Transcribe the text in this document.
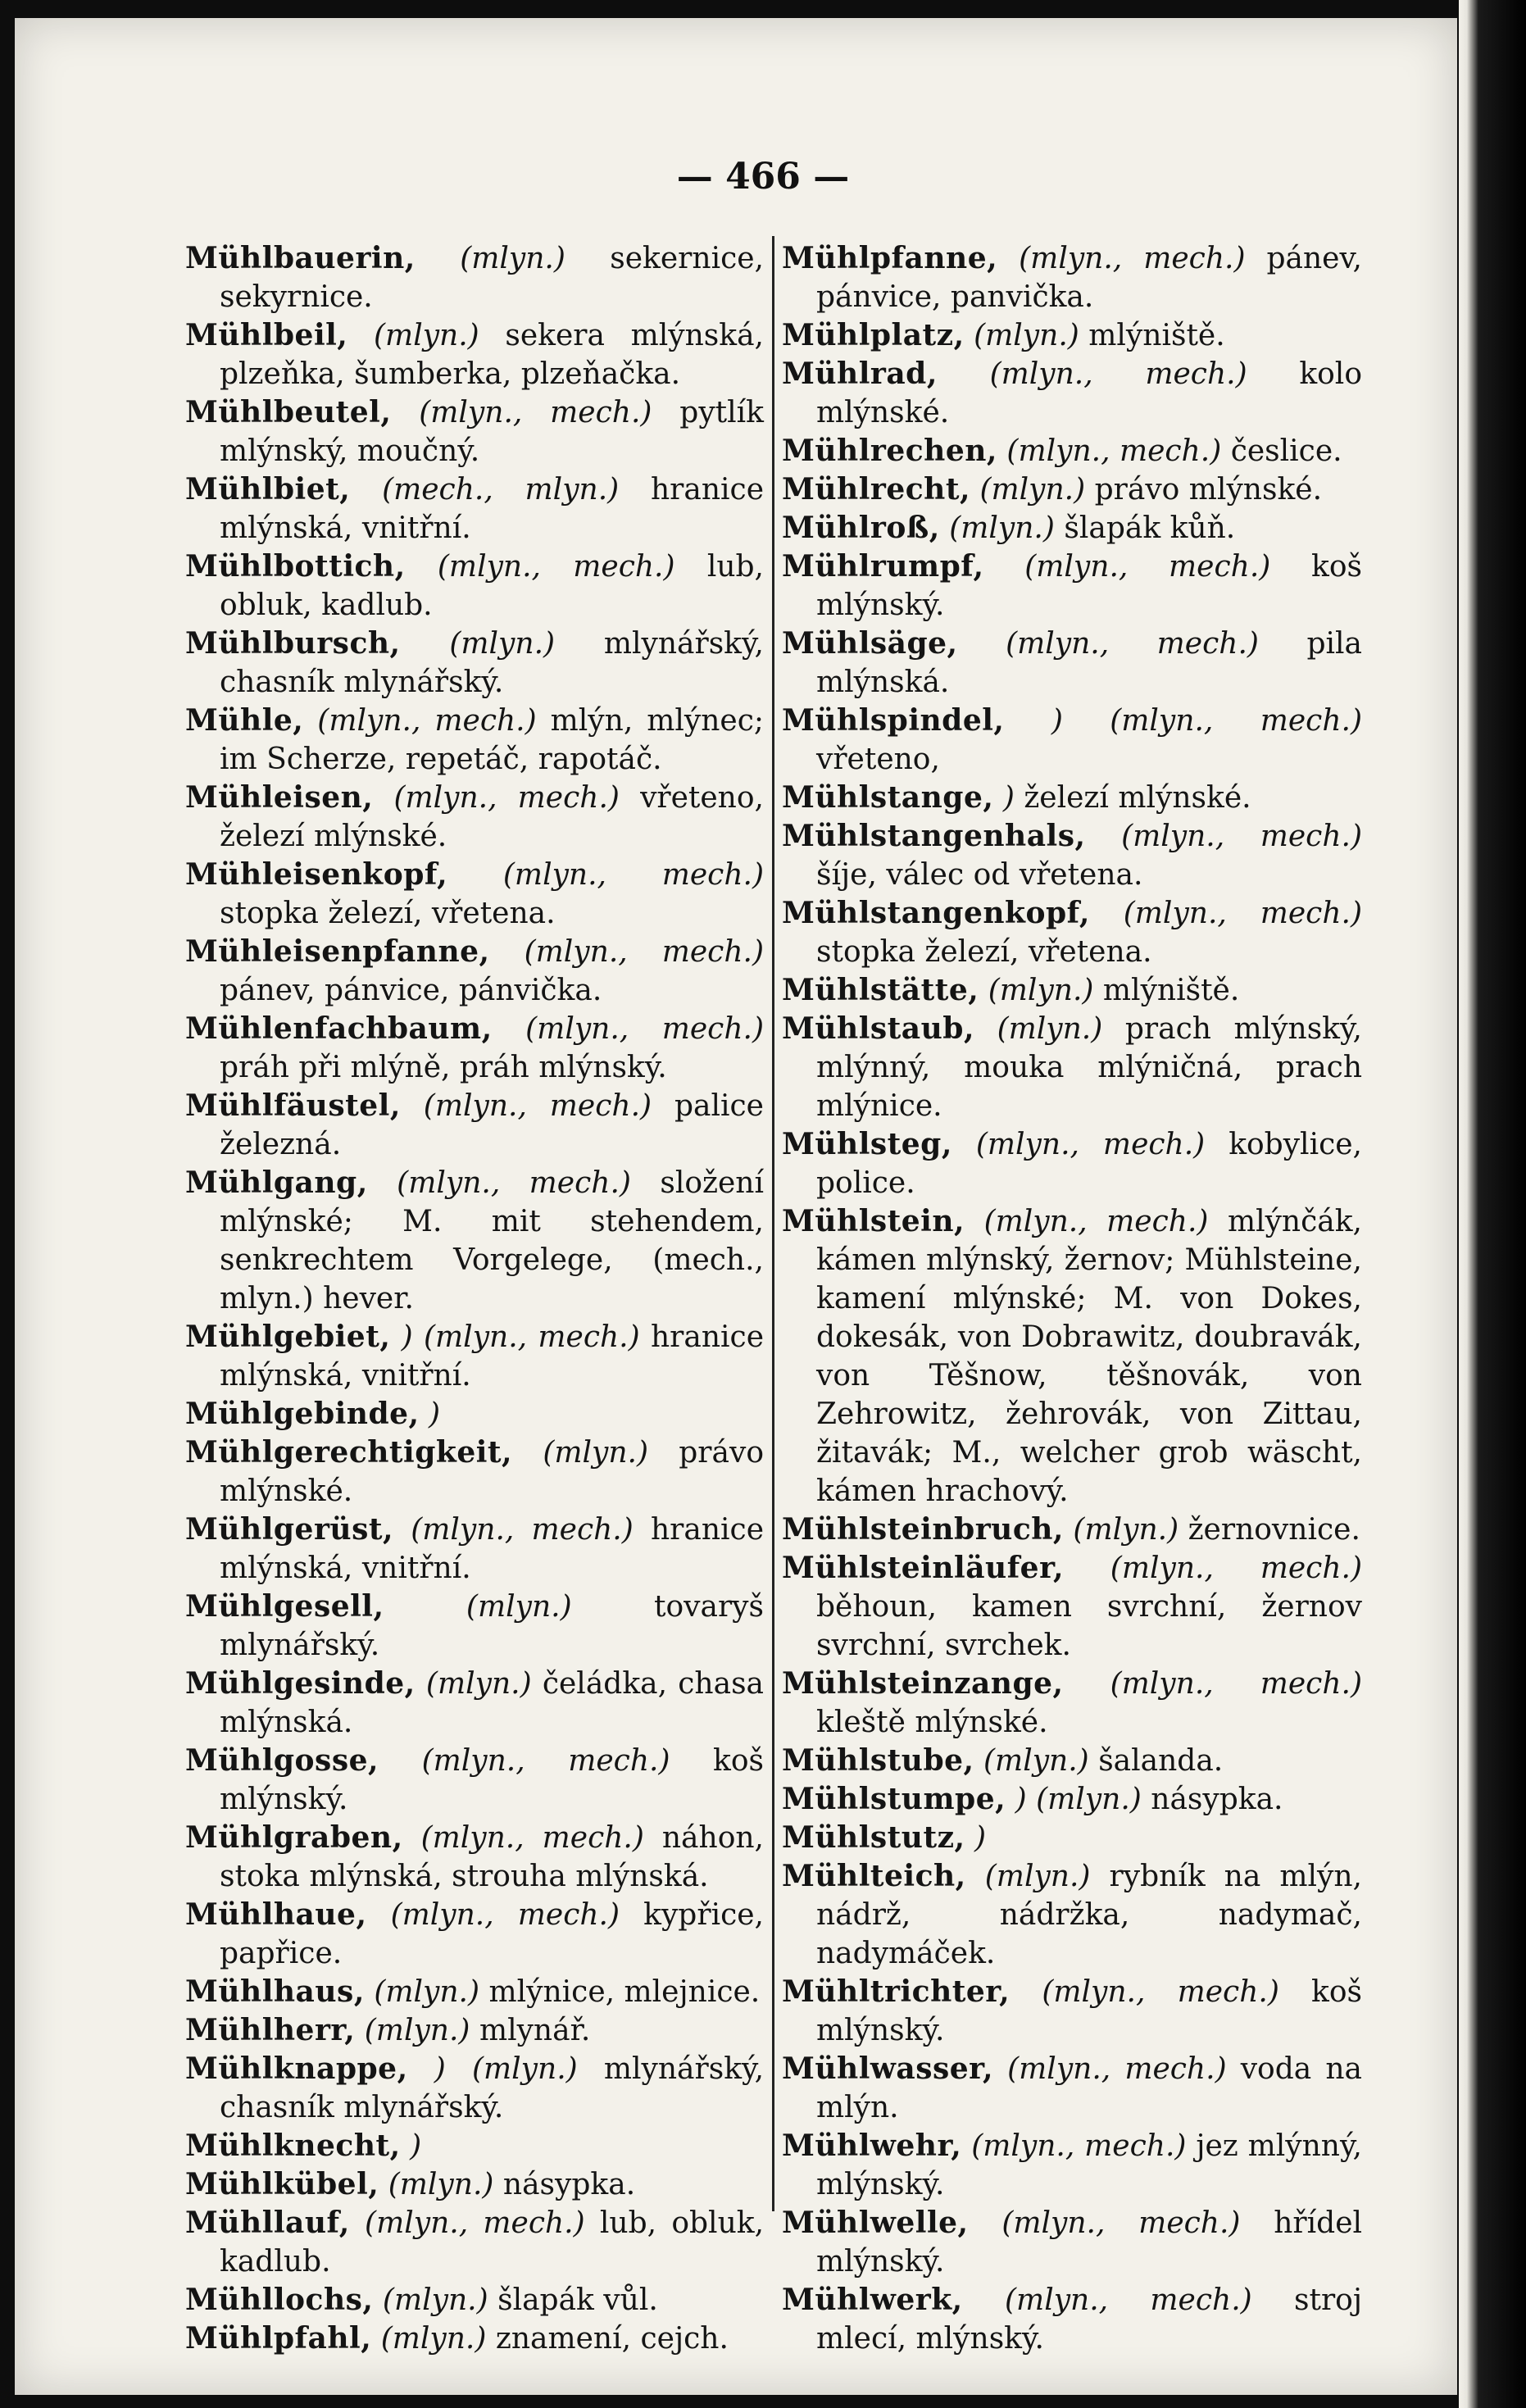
— 466 —
Mühlbauerin, (mlyn.) sekernice, sekyrnice.
Mühlbeil, (mlyn.) sekera mlýnská, plzeňka, šumberka, plzeňačka.
Mühlbeutel, (mlyn., mech.) pytlík mlýnský, moučný.
Mühlbiet, (mech., mlyn.) hranice mlýnská, vnitřní.
Mühlbottich, (mlyn., mech.) lub, obluk, kadlub.
Mühlbursch, (mlyn.) mlynářský, chasník mlynářský.
Mühle, (mlyn., mech.) mlýn, mlýnec; im Scherze, repetáč, rapotáč.
Mühleisen, (mlyn., mech.) vřeteno, železí mlýnské.
Mühleisenkopf, (mlyn., mech.) stopka železí, vřetena.
Mühleisenpfanne, (mlyn., mech.) pánev, pánvice, pánvička.
Mühlenfachbaum, (mlyn., mech.) práh při mlýně, práh mlýnský.
Mühlfäustel, (mlyn., mech.) palice železná.
Mühlgang, (mlyn., mech.) složení mlýnské; M. mit stehendem, senkrechtem Vorgelege, (mech., mlyn.) hever.
Mühlgebiet, ) (mlyn., mech.) hranice mlýnská, vnitřní.
Mühlgebinde, )
Mühlgerechtigkeit, (mlyn.) právo mlýnské.
Mühlgerüst, (mlyn., mech.) hranice mlýnská, vnitřní.
Mühlgesell,	(mlyn.)	tovaryš mlynářský.
Mühlgesinde, (mlyn.) čeládka, chasa mlýnská.
Mühlgosse, (mlyn., mech.) koš mlýnský.
Mühlgraben, (mlyn., mech.) náhon, stoka mlýnská, strouha mlýnská.
Mühlhaue, (mlyn., mech.) kypřice, papřice.
Mühlhaus, (mlyn.) mlýnice, mlejnice.
Mühlherr, (mlyn.) mlynář.
Mühlknappe, ) (mlyn.) mlynářský, chasník mlynářský.
Mühlknecht, )
Mühlkübel, (mlyn.) násypka.
Mühllauf, (mlyn., mech.) lub, obluk, kadlub.
Mühllochs, (mlyn.) šlapák vůl.
Mühlpfahl, (mlyn.) znamení, cejch.
Mühlpfanne, (mlyn., mech.) pánev, pánvice, panvička.
Mühlplatz, (mlyn.) mlýniště.
Mühlrad, (mlyn., mech.) kolo mlýnské.
Mühlrechen, (mlyn., mech.) česlice.
Mühlrecht, (mlyn.) právo mlýnské.
Mühlroß, (mlyn.) šlapák kůň.
Mühlrumpf, (mlyn., mech.) koš mlýnský.
Mühlsäge, (mlyn., mech.) pila mlýnská.
Mühlspindel, ) (mlyn., mech.) vřeteno,
Mühlstange, ) železí mlýnské.
Mühlstangenhals, (mlyn., mech.) šíje, válec od vřetena.
Mühlstangenkopf, (mlyn., mech.) stopka železí, vřetena.
Mühlstätte, (mlyn.) mlýniště.
Mühlstaub, (mlyn.) prach mlýnský, mlýnný, mouka mlýničná, prach mlýnice.
Mühlsteg, (mlyn., mech.) kobylice, police.
Mühlstein, (mlyn., mech.) mlýnčák, kámen mlýnský, žernov; Mühlsteine, kamení mlýnské; M. von Dokes, dokesák, von Dobrawitz, doubravák, von Těšnow, těšnovák, von Zehrowitz, žehrovák, von Zittau, žitavák; M., welcher grob wäscht, kámen hrachový.
Mühlsteinbruch, (mlyn.) žernovnice.
Mühlsteinläufer, (mlyn., mech.) běhoun, kamen svrchní, žernov svrchní, svrchek.
Mühlsteinzange, (mlyn., mech.) kleště mlýnské.
Mühlstube, (mlyn.) šalanda.
Mühlstumpe, ) (mlyn.) násypka.
Mühlstutz, )
Mühlteich, (mlyn.) rybník na mlýn, nádrž, nádržka, nadymač, nadymáček.
Mühltrichter, (mlyn., mech.) koš mlýnský.
Mühlwasser, (mlyn., mech.) voda na mlýn.
Mühlwehr, (mlyn., mech.) jez mlýnný, mlýnský.
Mühlwelle, (mlyn., mech.) hřídel mlýnský.
Mühlwerk, (mlyn., mech.) stroj mlecí, mlýnský.
